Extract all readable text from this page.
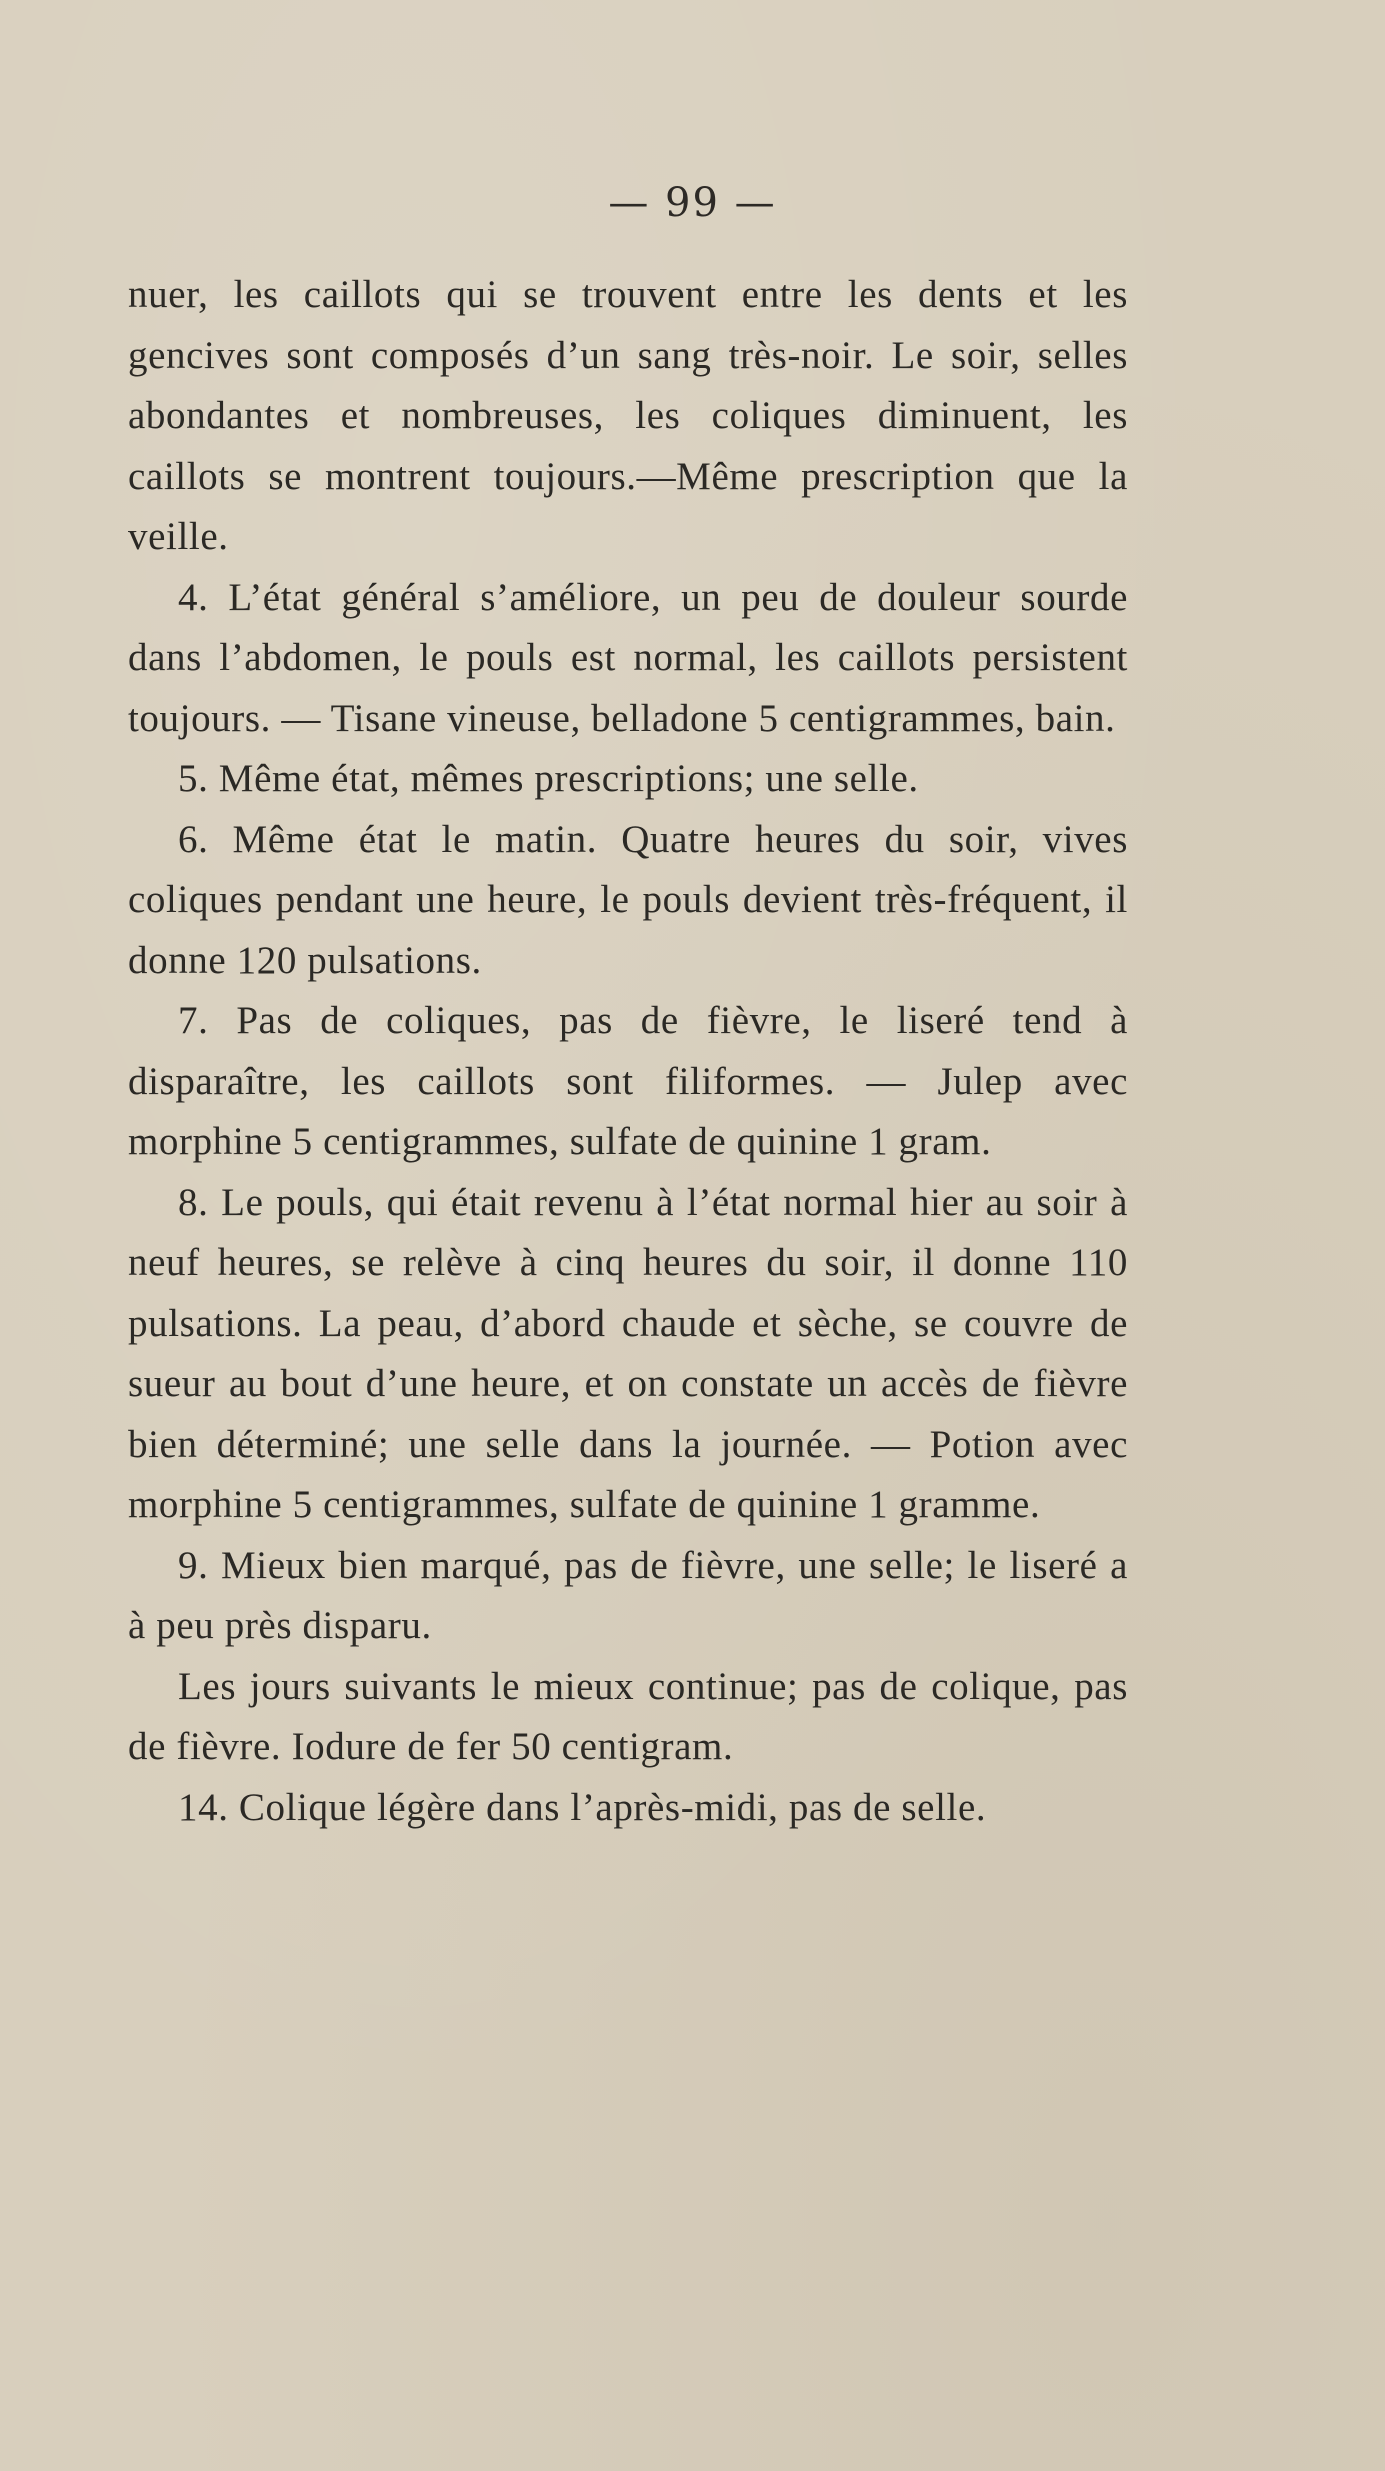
— 99 —

nuer, les caillots qui se trouvent entre les dents et les gencives sont composés d’un sang très-noir. Le soir, selles abondantes et nombreuses, les coliques diminuent, les caillots se montrent toujours.—Même prescription que la veille.

4. L’état général s’améliore, un peu de douleur sourde dans l’abdomen, le pouls est normal, les caillots persistent toujours. — Tisane vineuse, belladone 5 centigrammes, bain.

5. Même état, mêmes prescriptions; une selle.

6. Même état le matin. Quatre heures du soir, vives coliques pendant une heure, le pouls devient très-fréquent, il donne 120 pulsations.

7. Pas de coliques, pas de fièvre, le liseré tend à disparaître, les caillots sont filiformes. — Julep avec morphine 5 centigrammes, sulfate de quinine 1 gram.

8. Le pouls, qui était revenu à l’état normal hier au soir à neuf heures, se relève à cinq heures du soir, il donne 110 pulsations. La peau, d’abord chaude et sèche, se couvre de sueur au bout d’une heure, et on constate un accès de fièvre bien déterminé; une selle dans la journée. — Potion avec morphine 5 centigrammes, sulfate de quinine 1 gramme.

9. Mieux bien marqué, pas de fièvre, une selle; le liseré a à peu près disparu.

Les jours suivants le mieux continue; pas de colique, pas de fièvre. Iodure de fer 50 centigram.

14. Colique légère dans l’après-midi, pas de selle.
